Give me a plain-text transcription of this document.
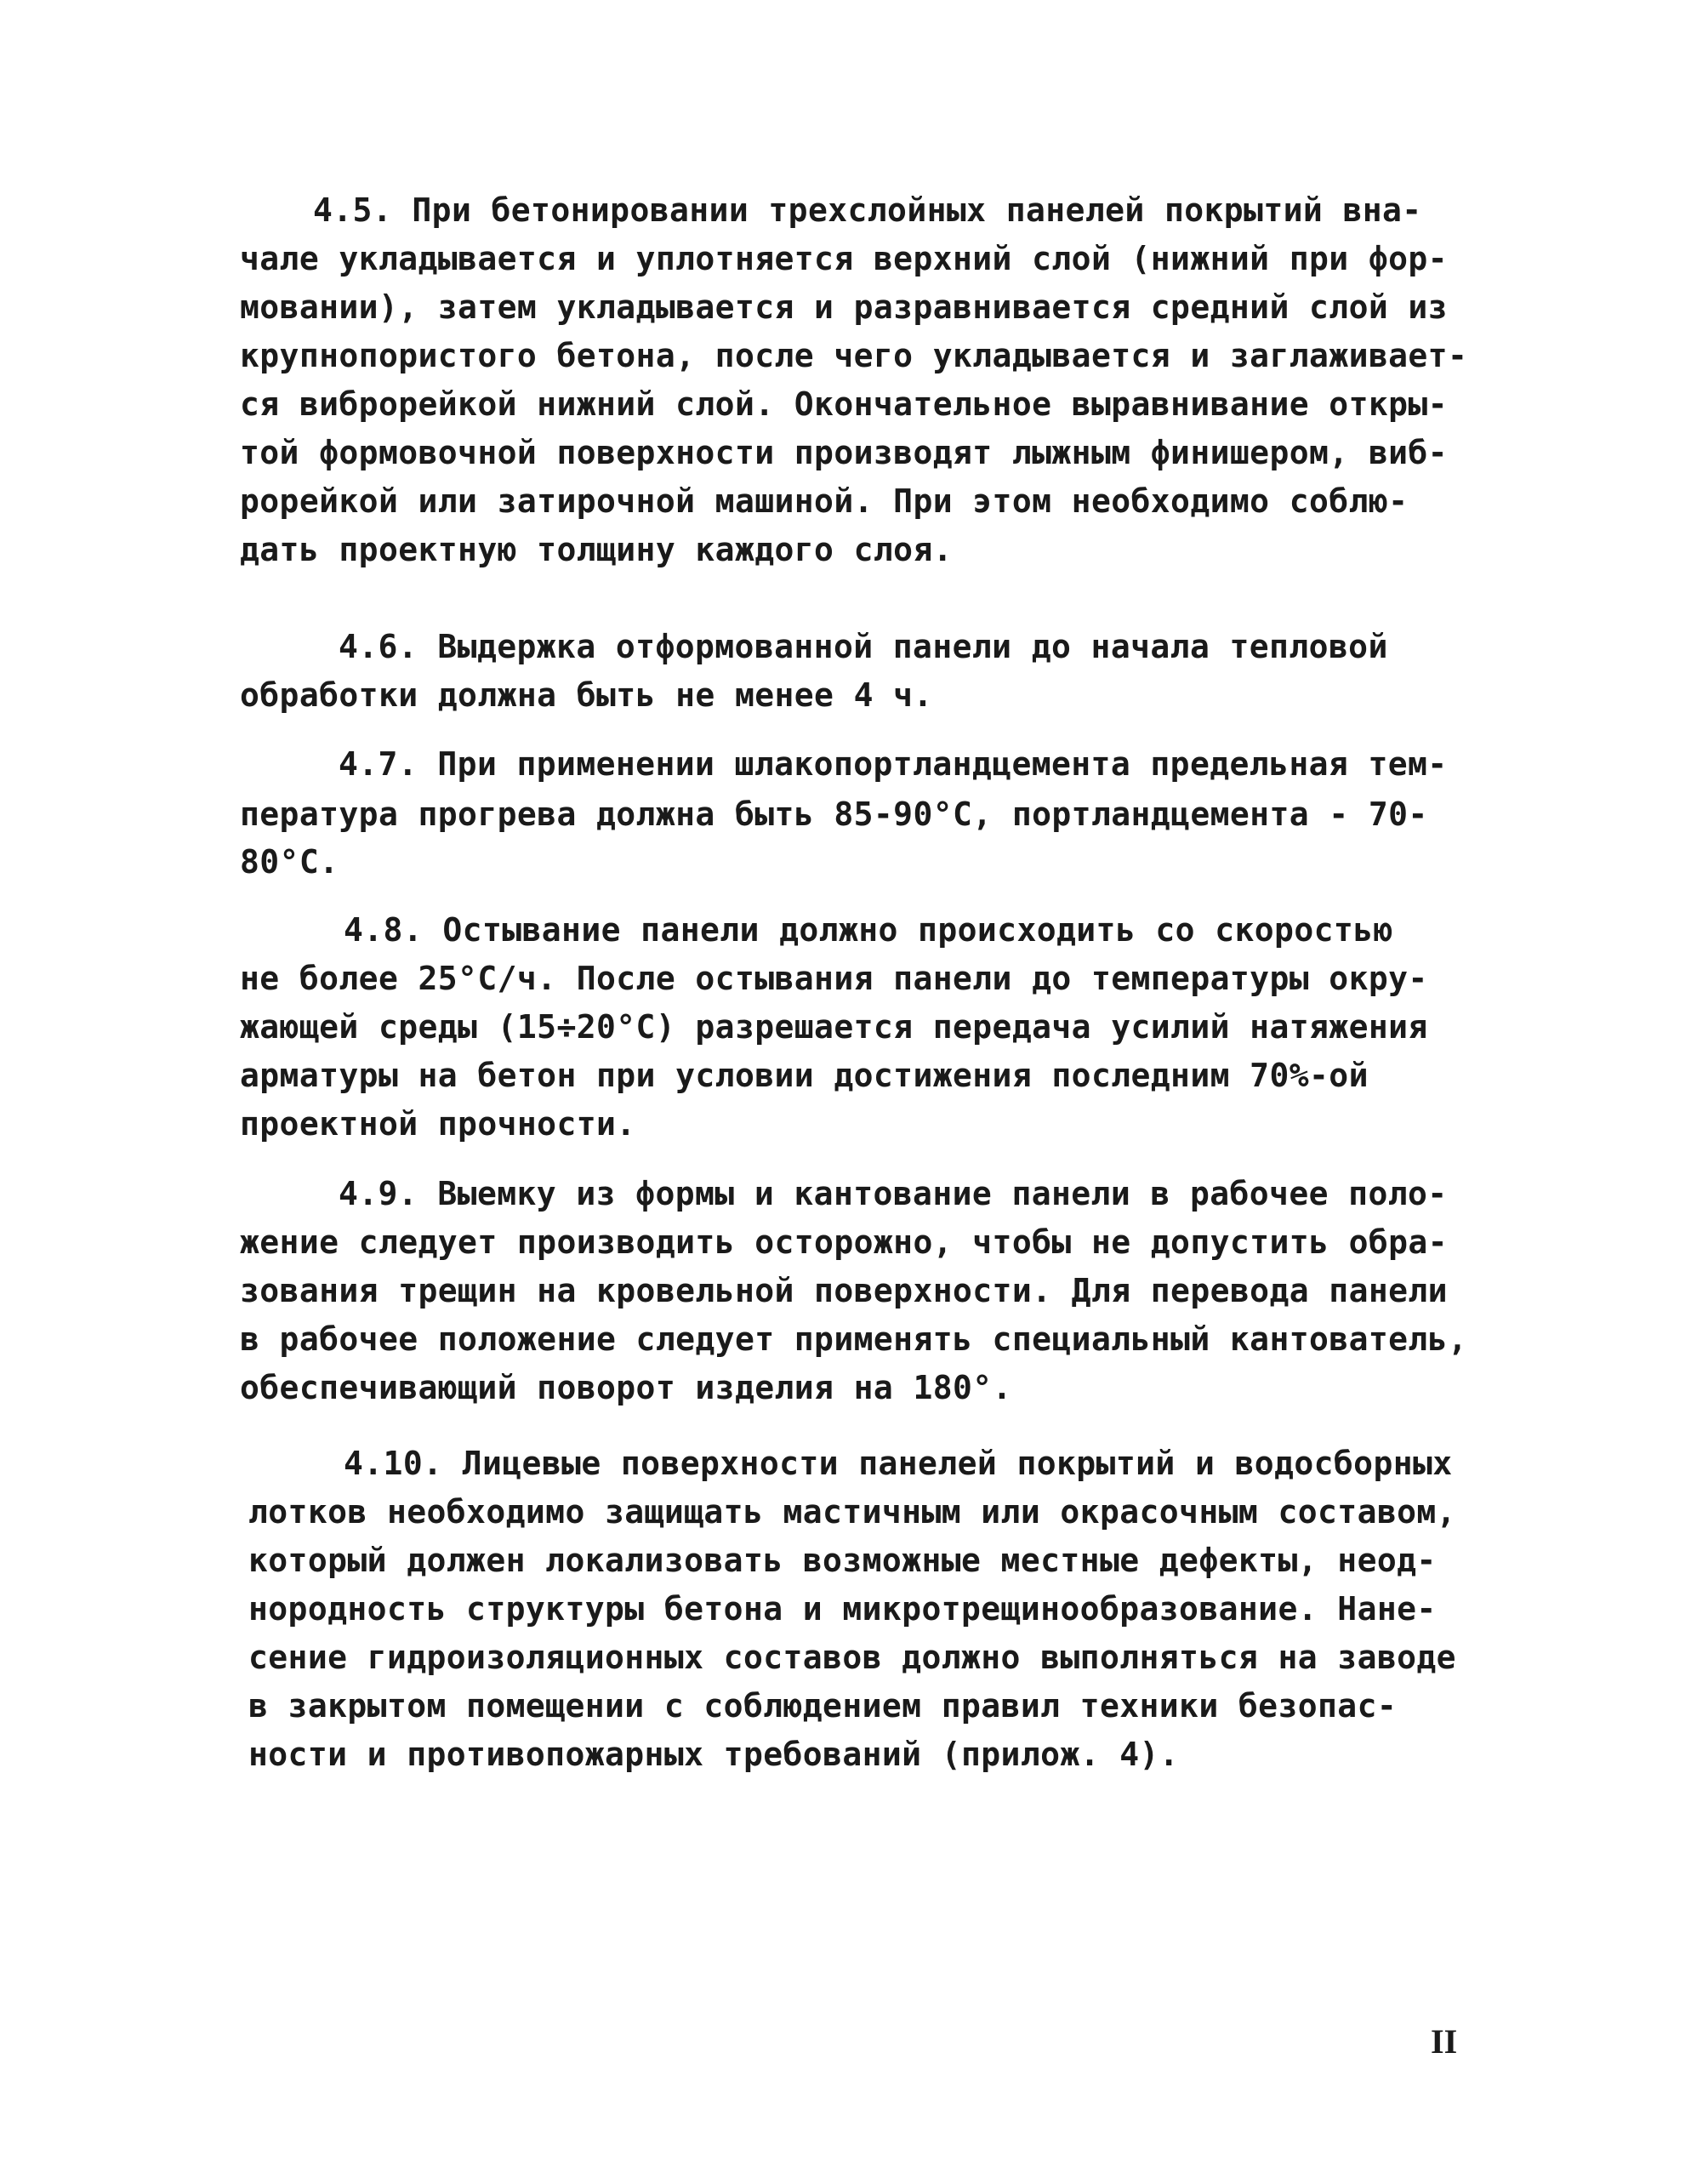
4.5. При бетонировании трехслойных панелей покрытий вна-
чале укладывается и уплотняется верхний слой (нижний при фор-
мовании), затем укладывается и разравнивается средний слой из
крупнопористого бетона, после чего укладывается и заглаживает-
ся виброрейкой нижний слой. Окончательное выравнивание откры-
той формовочной поверхности производят лыжным финишером, виб-
рорейкой или затирочной машиной. При этом необходимо соблю-
дать проектную толщину каждого слоя.
4.6. Выдержка отформованной панели до начала тепловой
обработки должна быть не менее 4 ч.
4.7. При применении шлакопортландцемента предельная тем-
пература прогрева должна быть 85-90°С, портландцемента - 70-
80°С.
4.8. Остывание панели должно происходить со скоростью
не более 25°С/ч. После остывания панели до температуры окру-
жающей среды (15÷20°С) разрешается передача усилий натяжения
арматуры на бетон при условии достижения последним 70%-ой
проектной прочности.
4.9. Выемку из формы и кантование панели в рабочее поло-
жение следует производить осторожно, чтобы не допустить обра-
зования трещин на кровельной поверхности. Для перевода панели
в рабочее положение следует применять специальный кантователь,
обеспечивающий поворот изделия на 180°.
4.10. Лицевые поверхности панелей покрытий и водосборных
лотков необходимо защищать мастичным или окрасочным составом,
который должен локализовать возможные местные дефекты, неод-
нородность структуры бетона и микротрещинообразование. Нане-
сение гидроизоляционных составов должно выполняться на заводе
в закрытом помещении с соблюдением правил техники безопас-
ности и противопожарных требований (прилож. 4).
II
